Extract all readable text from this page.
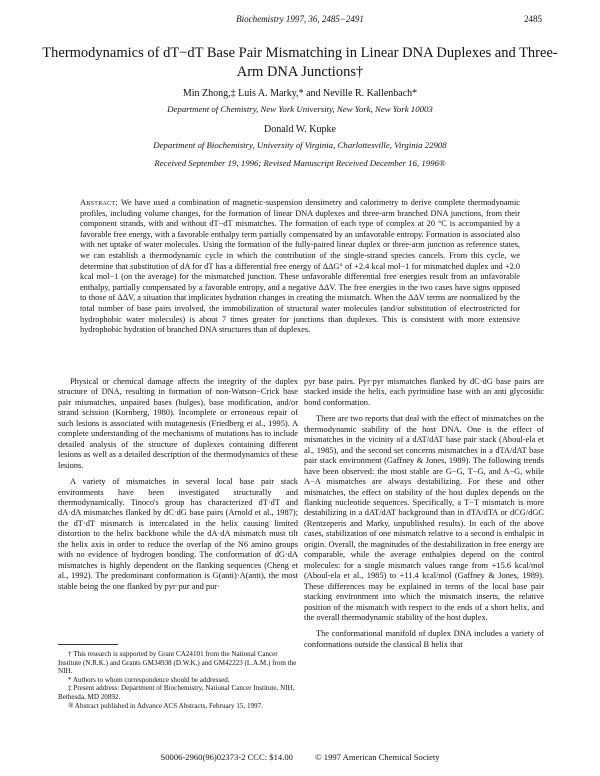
Biochemistry 1997, 36, 2485−2491	2485
Thermodynamics of dT−dT Base Pair Mismatching in Linear DNA Duplexes and Three-Arm DNA Junctions†
Min Zhong,‡ Luis A. Marky,* and Neville R. Kallenbach*
Department of Chemistry, New York University, New York, New York 10003
Donald W. Kupke
Department of Biochemistry, University of Virginia, Charlottesville, Virginia 22908
Received September 19, 1996; Revised Manuscript Received December 16, 1996®
Abstract: We have used a combination of magnetic-suspension densimetry and calorimetry to derive complete thermodynamic profiles, including volume changes, for the formation of linear DNA duplexes and three-arm branched DNA junctions, from their component strands, with and without dT−dT mismatches. The formation of each type of complex at 20 °C is accompanied by a favorable free energy, with a favorable enthalpy term partially compensated by an unfavorable entropy. Formation is associated also with net uptake of water molecules. Using the formation of the fully-paired linear duplex or three-arm junction as reference states, we can establish a thermodynamic cycle in which the contribution of the single-strand species cancels. From this cycle, we determine that substitution of dA for dT has a differential free energy of ΔΔG° of +2.4 kcal mol−1 for mismatched duplex and +2.0 kcal mol−1 (on the average) for the mismatched junction. These unfavorable differential free energies result from an unfavorable enthalpy, partially compensated by a favorable entropy, and a negative ΔΔV. The free energies in the two cases have signs opposed to those of ΔΔV, a situation that implicates hydration changes in creating the mismatch. When the ΔΔV terms are normalized by the total number of base pairs involved, the immobilization of structural water molecules (and/or substitution of electrostricted for hydrophobic water molecules) is about 7 times greater for junctions than duplexes. This is consistent with more extensive hydrophobic hydration of branched DNA structures than of duplexes.

Physical or chemical damage affects the integrity of the duplex structure of DNA, resulting in formation of non-Watson−Crick base pair mismatches, unpaired bases (bulges), base modification, and/or strand scission (Kornberg, 1980). Incomplete or erroneous repair of such lesions is associated with mutagenesis (Friedberg et al., 1995). A complete understanding of the mechanisms of mutations has to include detailed analysis of the structure of duplexes containing different lesions as well as a detailed description of the thermodynamics of these lesions.

A variety of mismatches in several local base pair stack environments have been investigated structurally and thermodynamically. Tinoco's group has characterized dT·dT and dA·dA mismatches flanked by dC·dG base pairs (Arnold et al., 1987); the dT·dT mismatch is intercalated in the helix causing limited distortion to the helix backbone while the dA·dA mismatch must tilt the helix axis in order to reduce the overlap of the N6 amino groups with no evidence of hydrogen bonding. The conformation of dG·dA mismatches is highly dependent on the flanking sequences (Cheng et al., 1992). The predominant conformation is G(anti)·A(anti), the most stable being the one flanked by pyr·pur and pur·

pyr base pairs. Pyr·pyr mismatches flanked by dC·dG base pairs are stacked inside the helix, each pyrimidine base with an anti glycosidic bond conformation.

There are two reports that deal with the effect of mismatches on the thermodynamic stability of the host DNA. One is the effect of mismatches in the vicinity of a dAT/dAT base pair stack (Aboul-ela et al., 1985), and the second set concerns mismatches in a dTA/dAT base pair stack environment (Gaffney & Jones, 1989). The following trends have been observed: the most stable are G−G, T−G, and A−G, while A−A mismatches are always destabilizing. For these and other mismatches, the effect on stability of the host duplex depends on the flanking nucleotide sequences. Specifically, a T−T mismatch is more destabilizing in a dAT/dAT background than in dTA/dTA or dCG/dGC (Rentzeperis and Marky, unpublished results). In each of the above cases, stabilization of one mismatch relative to a second is enthalpic in origin. Overall, the magnitudes of the destabilization in free energy are comparable, while the average enthalpies depend on the control molecules: for a single mismatch values range from +15.6 kcal/mol (Aboul-ela et al., 1985) to +11.4 kcal/mol (Gaffney & Jones, 1989). These differences may be explained in terms of the local base pair stacking environment into which the mismatch inserts, the relative position of the mismatch with respect to the ends of a short helix, and the overall thermodynamic stability of the host duplex.

The conformational manifold of duplex DNA includes a variety of conformations outside the classical B helix that

† This research is supported by Grant CA24101 from the National Cancer Institute (N.R.K.) and Grants GM34938 (D.W.K.) and GM42223 (L.A.M.) from the NIH.
* Authors to whom correspondence should be addressed.
‡ Present address: Department of Biochemistry, National Cancer Institute, NIH, Bethesda, MD 20892.
® Abstract published in Advance ACS Abstracts, February 15, 1997.
S0006-2960(96)02373-2 CCC: $14.00	© 1997 American Chemical Society
